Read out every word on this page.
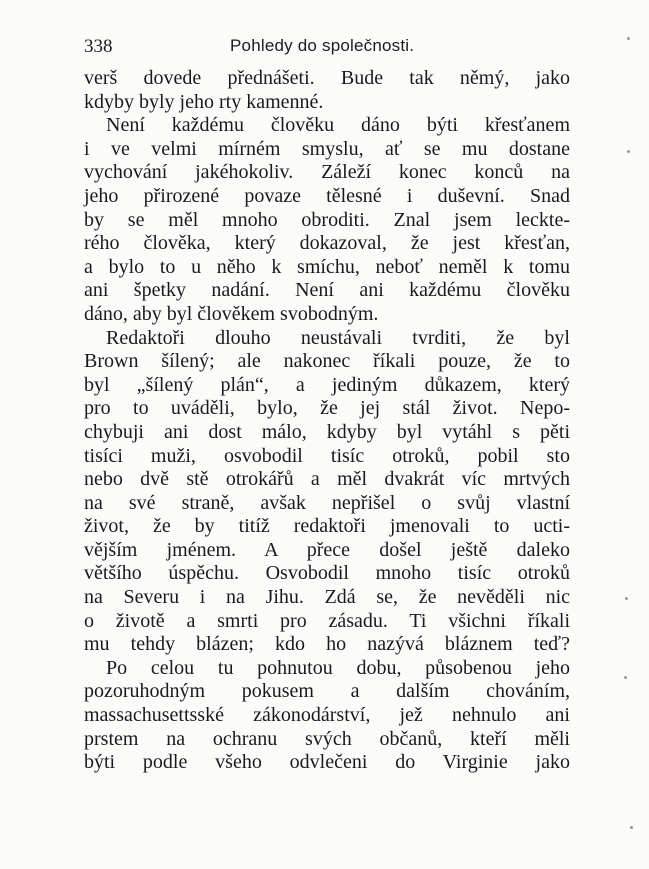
338	Pohledy do společnosti.
verš dovede přednášeti. Bude tak němý, jako
kdyby byly jeho rty kamenné.
Není každému člověku dáno býti křesťanem
i ve velmi mírném smyslu, ať se mu dostane
vychování jakéhokoliv. Záleží konec konců na
jeho přirozené povaze tělesné i duševní. Snad
by se měl mnoho obroditi. Znal jsem leckte-
rého člověka, který dokazoval, že jest křesťan,
a bylo to u něho k smíchu, neboť neměl k tomu
ani špetky nadání. Není ani každému člověku
dáno, aby byl člověkem svobodným.
Redaktoři dlouho neustávali tvrditi, že byl
Brown šílený; ale nakonec říkali pouze, že to
byl „šílený plán“, a jediným důkazem, který
pro to uváděli, bylo, že jej stál život. Nepo-
chybuji ani dost málo, kdyby byl vytáhl s pěti
tisíci muži, osvobodil tisíc otroků, pobil sto
nebo dvě stě otrokářů a měl dvakrát víc mrtvých
na své straně, avšak nepřišel o svůj vlastní
život, že by titíž redaktoři jmenovali to ucti-
vějším jménem. A přece došel ještě daleko
většího úspěchu. Osvobodil mnoho tisíc otroků
na Severu i na Jihu. Zdá se, že nevěděli nic
o životě a smrti pro zásadu. Ti všichni říkali
mu tehdy blázen; kdo ho nazývá bláznem teď?
Po celou tu pohnutou dobu, působenou jeho
pozoruhodným pokusem a dalším chováním,
massachusettsské zákonodárství, jež nehnulo ani
prstem na ochranu svých občanů, kteří měli
býti podle všeho odvlečeni do Virginie jako
